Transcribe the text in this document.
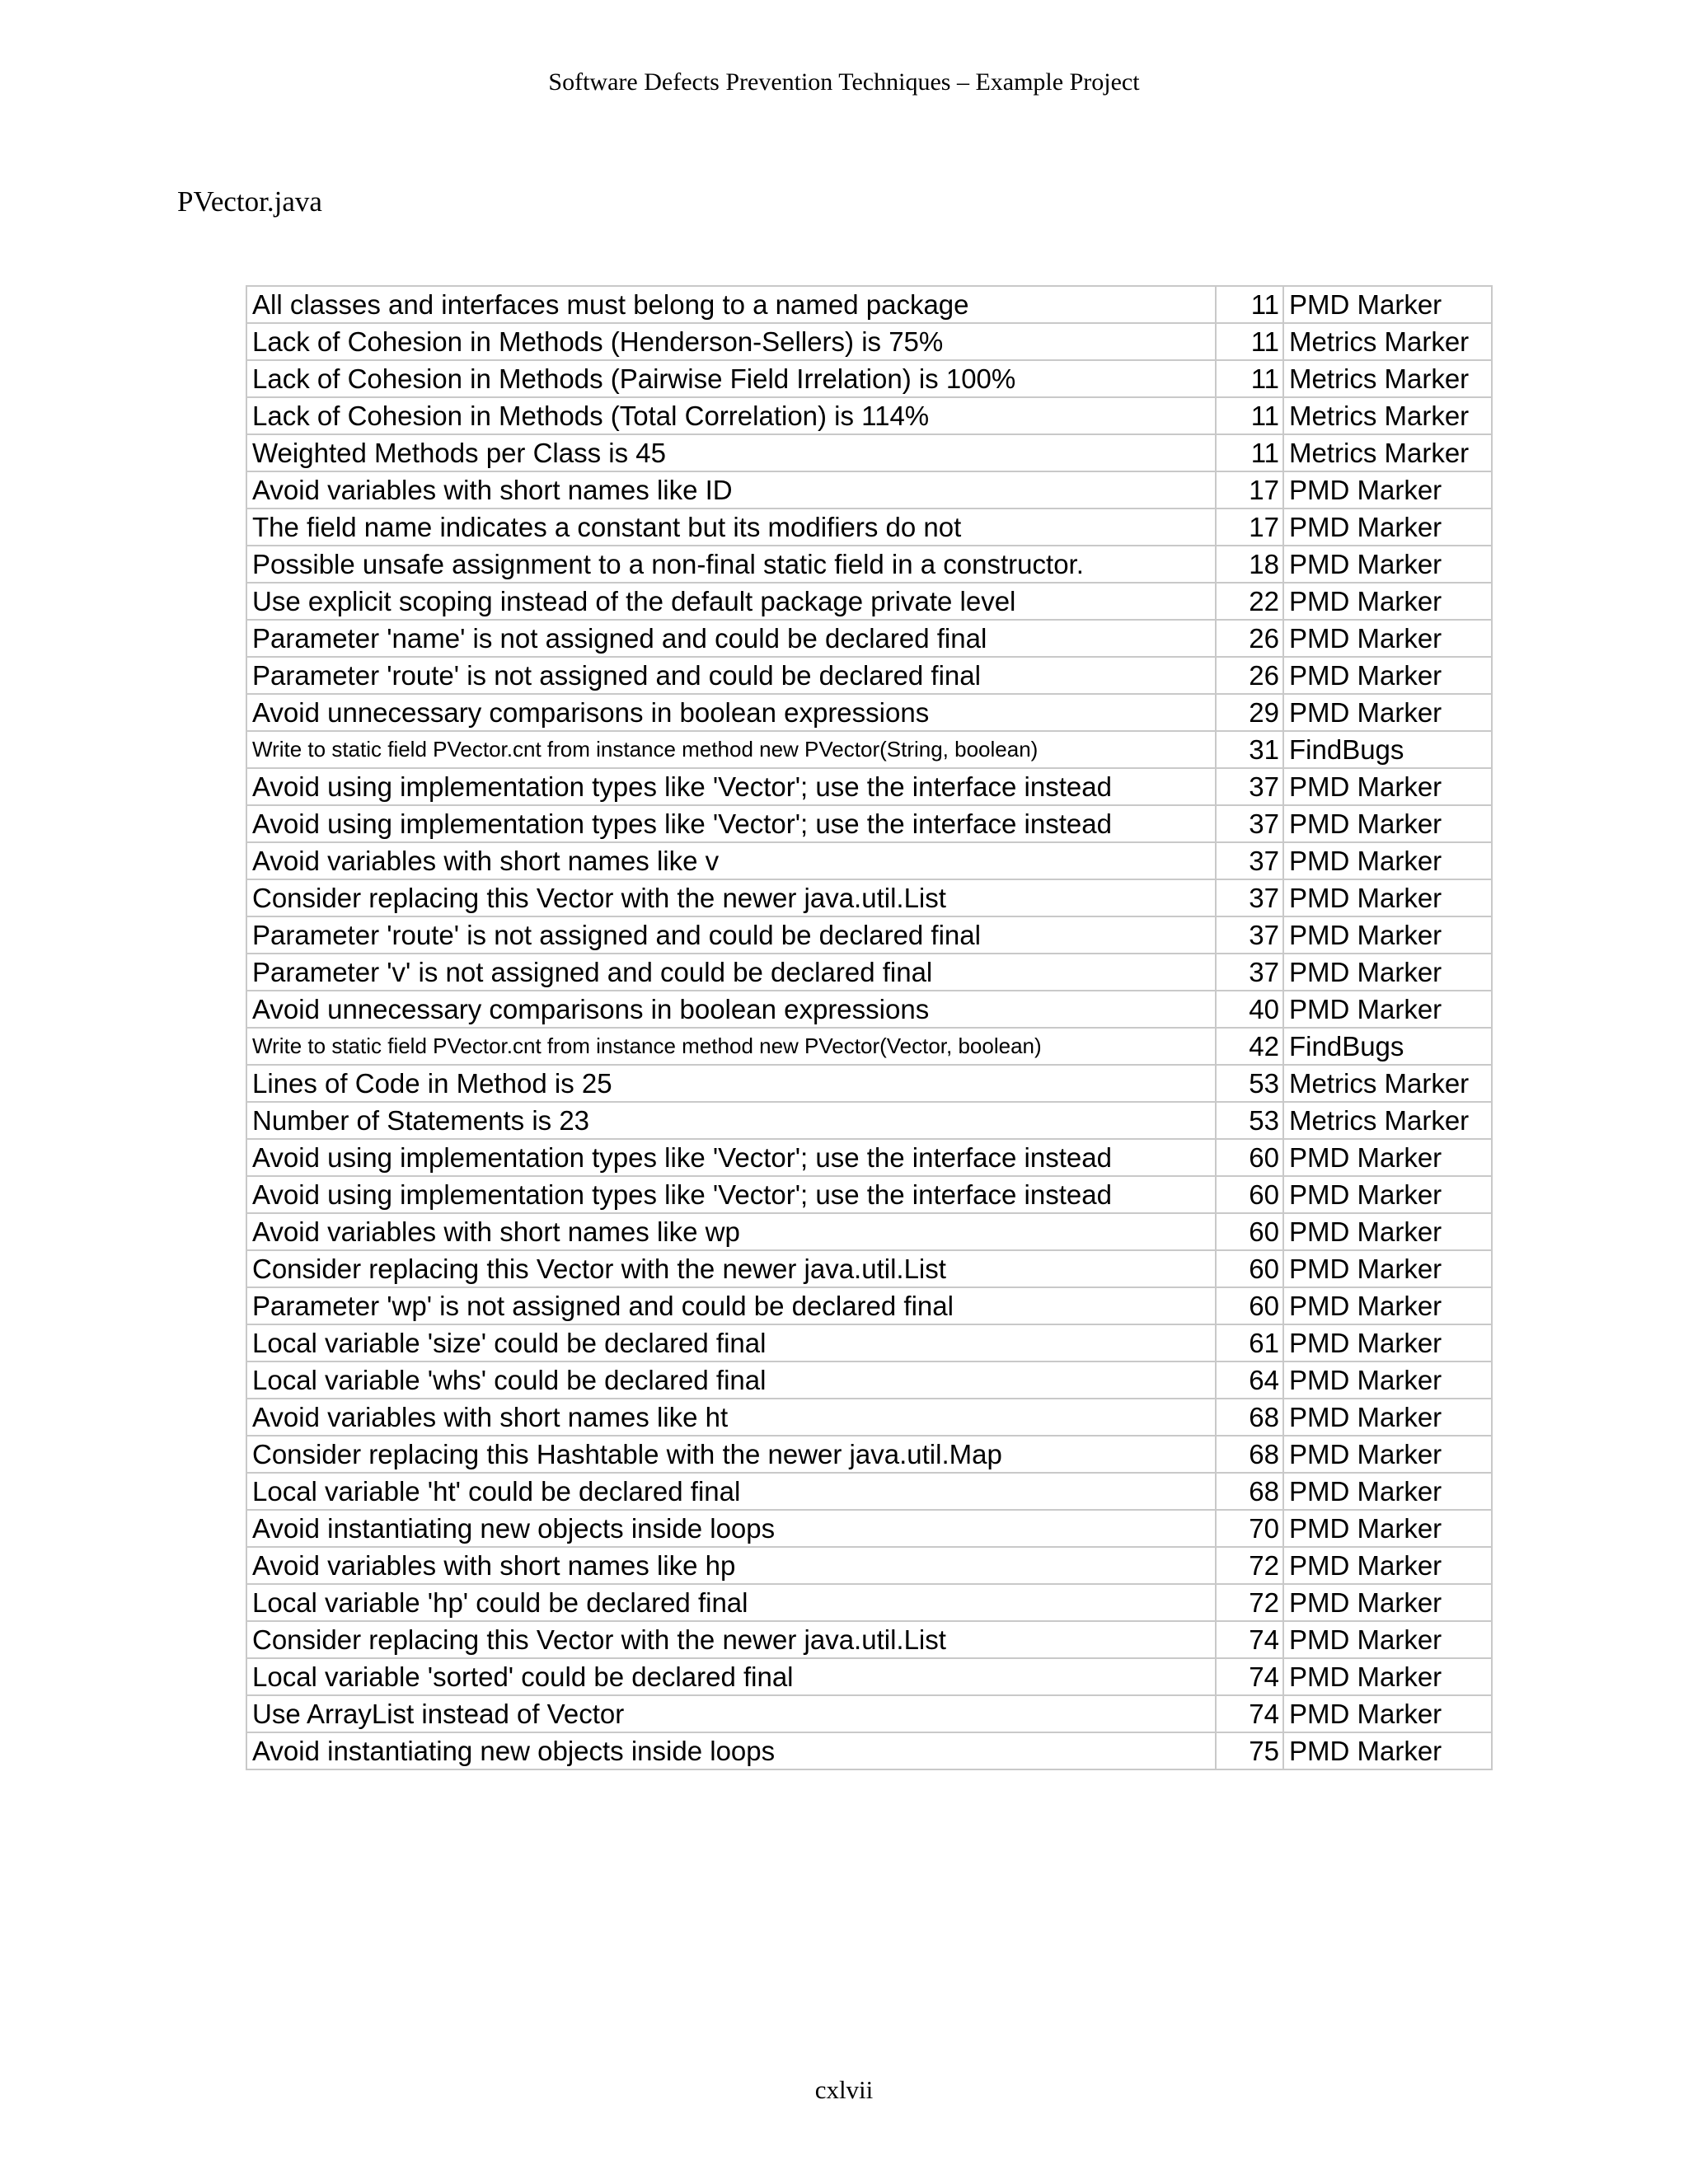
Software Defects Prevention Techniques – Example Project
PVector.java
All classes and interfaces must belong to a named package	11	PMD Marker
Lack of Cohesion in Methods (Henderson-Sellers) is 75%	11	Metrics Marker
Lack of Cohesion in Methods (Pairwise Field Irrelation) is 100%	11	Metrics Marker
Lack of Cohesion in Methods (Total Correlation) is 114%	11	Metrics Marker
Weighted Methods per Class is 45	11	Metrics Marker
Avoid variables with short names like ID	17	PMD Marker
The field name indicates a constant but its modifiers do not	17	PMD Marker
Possible unsafe assignment to a non-final static field in a constructor.	18	PMD Marker
Use explicit scoping instead of the default package private level	22	PMD Marker
Parameter 'name' is not assigned and could be declared final	26	PMD Marker
Parameter 'route' is not assigned and could be declared final	26	PMD Marker
Avoid unnecessary comparisons in boolean expressions	29	PMD Marker
Write to static field PVector.cnt from instance method new PVector(String, boolean)	31	FindBugs
Avoid using implementation types like 'Vector'; use the interface instead	37	PMD Marker
Avoid using implementation types like 'Vector'; use the interface instead	37	PMD Marker
Avoid variables with short names like v	37	PMD Marker
Consider replacing this Vector with the newer java.util.List	37	PMD Marker
Parameter 'route' is not assigned and could be declared final	37	PMD Marker
Parameter 'v' is not assigned and could be declared final	37	PMD Marker
Avoid unnecessary comparisons in boolean expressions	40	PMD Marker
Write to static field PVector.cnt from instance method new PVector(Vector, boolean)	42	FindBugs
Lines of Code in Method is 25	53	Metrics Marker
Number of Statements is 23	53	Metrics Marker
Avoid using implementation types like 'Vector'; use the interface instead	60	PMD Marker
Avoid using implementation types like 'Vector'; use the interface instead	60	PMD Marker
Avoid variables with short names like wp	60	PMD Marker
Consider replacing this Vector with the newer java.util.List	60	PMD Marker
Parameter 'wp' is not assigned and could be declared final	60	PMD Marker
Local variable 'size' could be declared final	61	PMD Marker
Local variable 'whs' could be declared final	64	PMD Marker
Avoid variables with short names like ht	68	PMD Marker
Consider replacing this Hashtable with the newer java.util.Map	68	PMD Marker
Local variable 'ht' could be declared final	68	PMD Marker
Avoid instantiating new objects inside loops	70	PMD Marker
Avoid variables with short names like hp	72	PMD Marker
Local variable 'hp' could be declared final	72	PMD Marker
Consider replacing this Vector with the newer java.util.List	74	PMD Marker
Local variable 'sorted' could be declared final	74	PMD Marker
Use ArrayList instead of Vector	74	PMD Marker
Avoid instantiating new objects inside loops	75	PMD Marker
cxlvii
